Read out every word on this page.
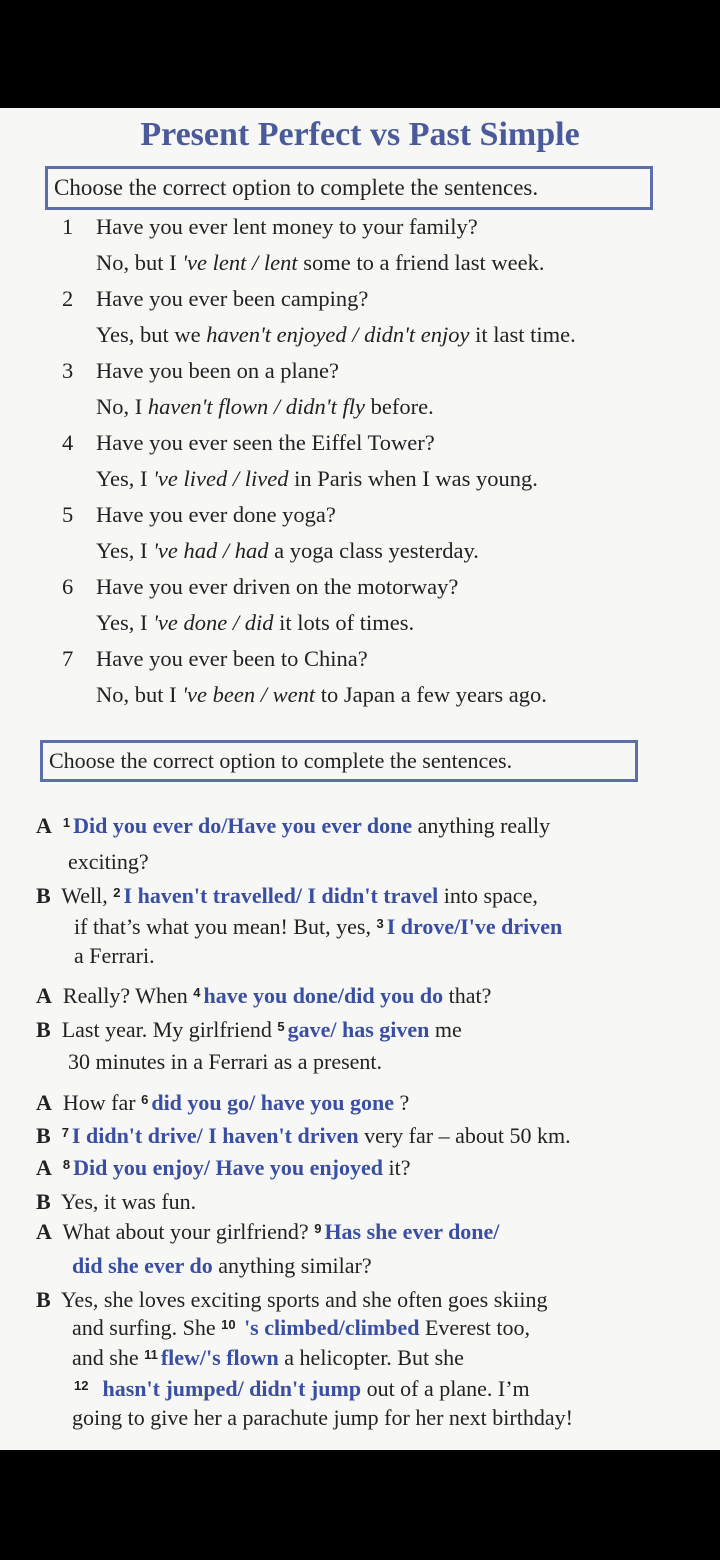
Present Perfect vs Past Simple
Choose the correct option to complete the sentences.
1 Have you ever lent money to your family?
No, but I 've lent / lent some to a friend last week.
2 Have you ever been camping?
Yes, but we haven't enjoyed / didn't enjoy it last time.
3 Have you been on a plane?
No, I haven't flown / didn't fly before.
4 Have you ever seen the Eiffel Tower?
Yes, I 've lived / lived in Paris when I was young.
5 Have you ever done yoga?
Yes, I 've had / had a yoga class yesterday.
6 Have you ever driven on the motorway?
Yes, I 've done / did it lots of times.
7 Have you ever been to China?
No, but I 've been / went to Japan a few years ago.
Choose the correct option to complete the sentences.
A $^1$ Did you ever do/Have you ever done anything really
exciting?
B Well, $^2$ I haven't travelled/ I didn't travel into space,
if that’s what you mean! But, yes, $^3$ I drove/I've driven
a Ferrari.
A Really? When $^4$ have you done/did you do that?
B Last year. My girlfriend $^5$ gave/ has given me
30 minutes in a Ferrari as a present.
A How far $^6$ did you go/ have you gone ?
B $^7$ I didn't drive/ I haven't driven very far – about 50 km.
A $^8$ Did you enjoy/ Have you enjoyed it?
B Yes, it was fun.
A What about your girlfriend? $^9$ Has she ever done/
did she ever do anything similar?
B Yes, she loves exciting sports and she often goes skiing
and surfing. She $^{10}$ 's climbed/climbed Everest too,
and she $^{11}$ flew/'s flown a helicopter. But she
$^{12}$ hasn't jumped/ didn't jump out of a plane. I’m
going to give her a parachute jump for her next birthday!
